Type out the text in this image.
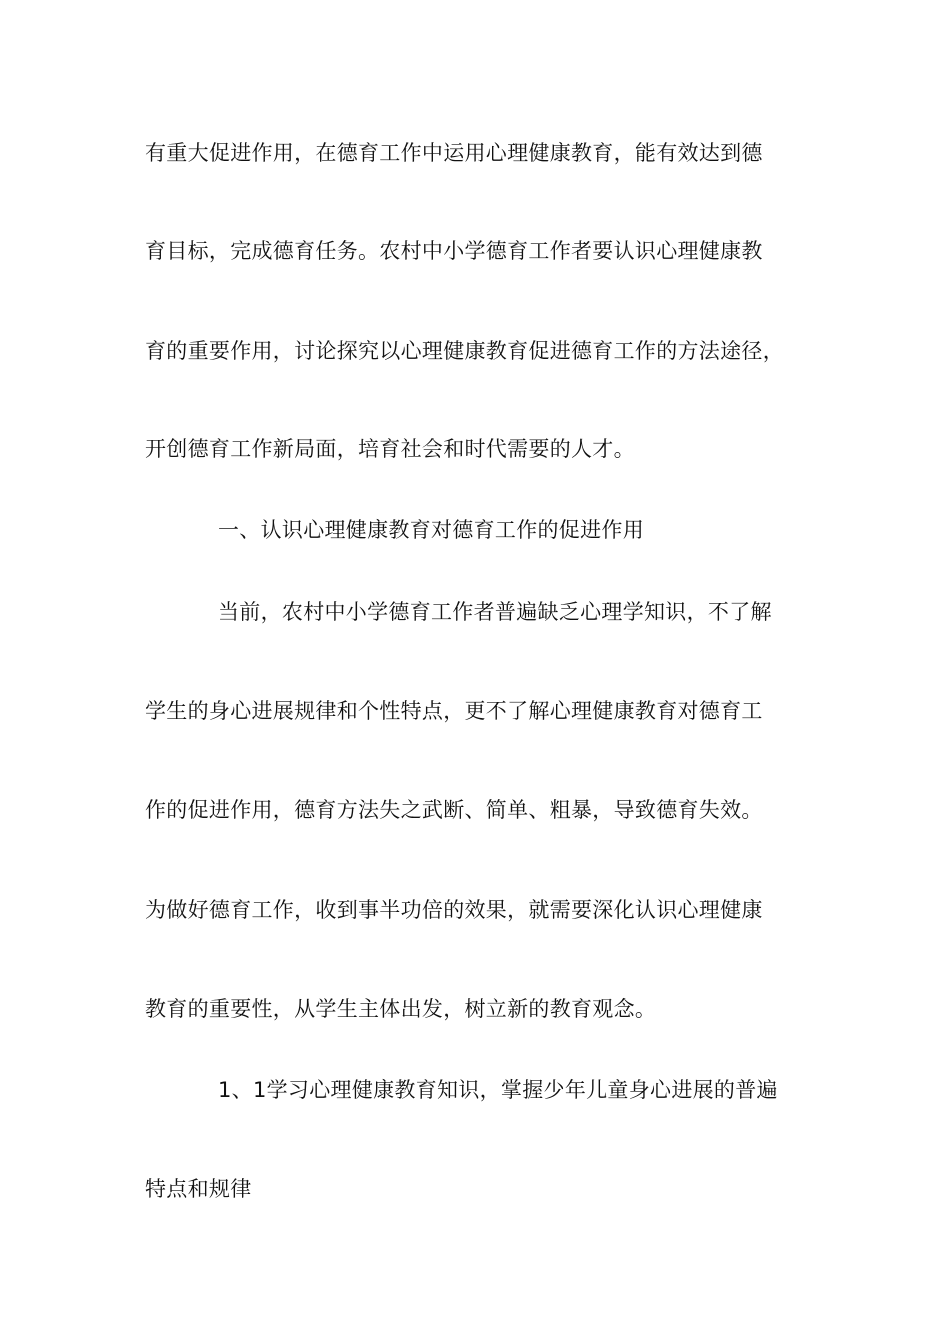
有重大促进作用，在德育工作中运用心理健康教育，能有效达到德
育目标，完成德育任务。农村中小学德育工作者要认识心理健康教
育的重要作用，讨论探究以心理健康教育促进德育工作的方法途径，
开创德育工作新局面，培育社会和时代需要的人才。
一、认识心理健康教育对德育工作的促进作用
当前，农村中小学德育工作者普遍缺乏心理学知识，不了解
学生的身心进展规律和个性特点，更不了解心理健康教育对德育工
作的促进作用，德育方法失之武断、简单、粗暴，导致德育失效。
为做好德育工作，收到事半功倍的效果，就需要深化认识心理健康
教育的重要性，从学生主体出发，树立新的教育观念。
1、1学习心理健康教育知识，掌握少年儿童身心进展的普遍
特点和规律
